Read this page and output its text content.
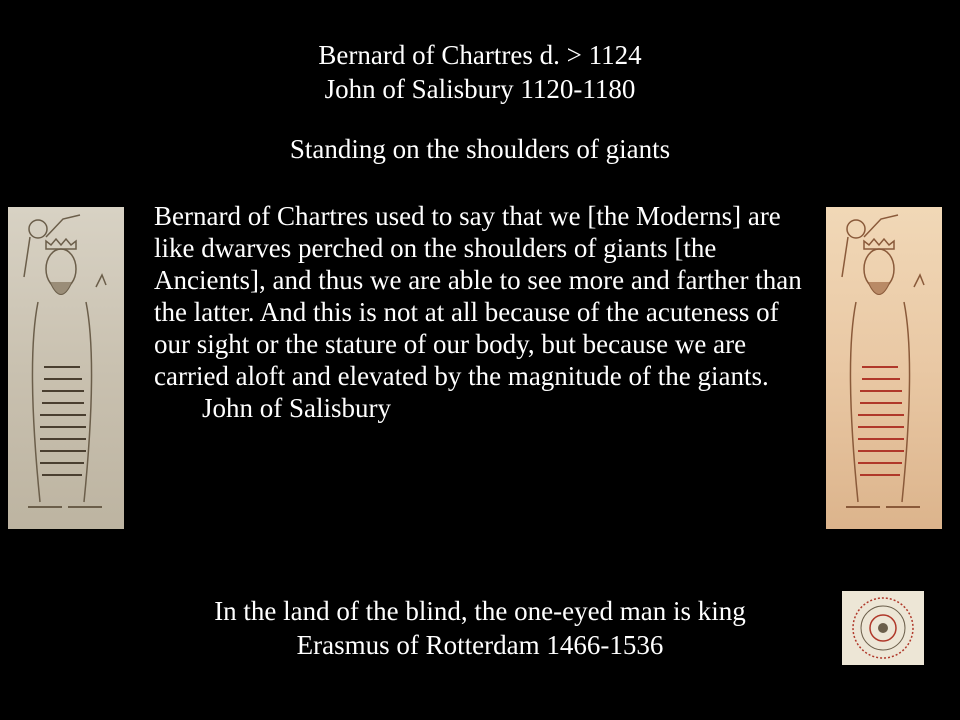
Bernard of Chartres d. > 1124
John of Salisbury 1120-1180
Standing on the shoulders of giants
Bernard of Chartres used to say that we [the Moderns] are like dwarves perched on the shoulders of giants [the Ancients], and thus we are able to see more and farther than the latter. And this is not at all because of the acuteness of our sight or the stature of our body, but because we are carried aloft and elevated by the magnitude of the giants.
John of Salisbury
In the land of the blind, the one-eyed man is king
Erasmus of Rotterdam 1466-1536
